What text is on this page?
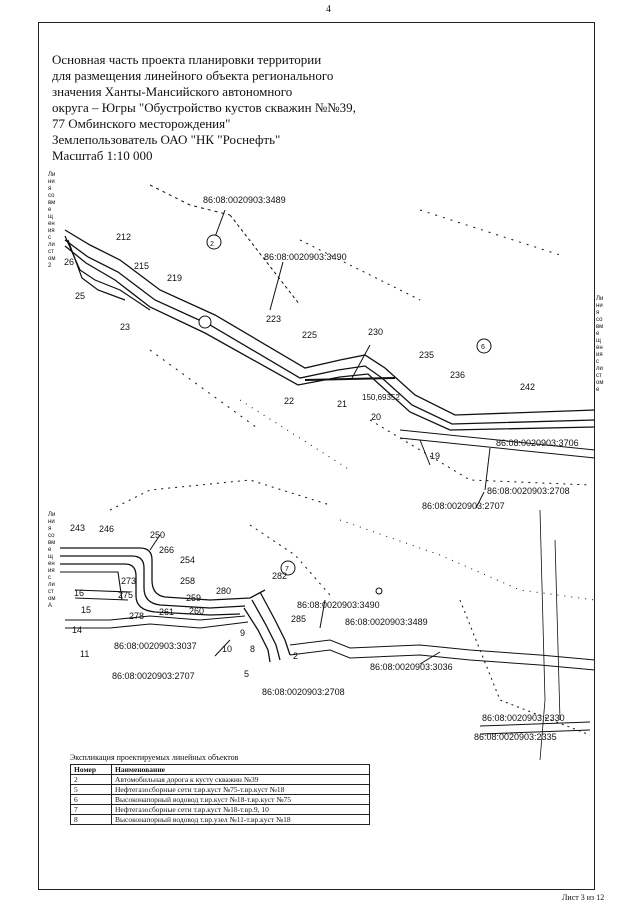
4
Основная часть проекта планировки территории
для размещения линейного объекта регионального
значения Ханты-Мансийского автономного
округа – Югры "Обустройство кустов скважин №№39,
77 Омбинского месторождения"
Землепользователь ОАО "НК "Роснефть"
Масштаб 1:10 000
Ли
ни
я
со
вм
е
щ
ен
ия
с
ли
ст
ом
2
Ли
ни
я
со
вм
е
щ
ен
ия
с
ли
ст
ом
е
Ли
ни
я
со
вм
е
щ
ен
ия
с
ли
ст
ом
А
86:08:0020903:3489
86:08:0020903:3490
86:08:0020903:3706
86:08:0020903:2708
86:08:0020903:2707
212
215
219
26
25
23
223
225	230
235
236
242
22	21
20
19
2
6
150,69352
86:08:0020903:3490
86:08:0020903:3489
86:08:0020903:3037
86:08:0020903:2707
86:08:0020903:2708
86:08:0020903:3036
86:08:0020903:2330
86:08:0020903:2335
243 246
250
266
254
273	258
16
15
275
278 261 260
259
280
14
11	10
9
8
5
282
285
2
7
Экспликация проектируемых линейных объектов
Номер	Наименование
2	Автомобильная дорога к кусту скважин №39
5	Нефтегазосборные сети т.вр.куст №75-т.вр.куст №18
6	Высоконапорный водовод т.вр.куст №18-т.вр.куст №75
7	Нефтегазосборные сети т.вр.куст №18-т.вр.9, 10
8	Высоконапорный водовод т.вр.узел №11-т.вр.куст №18
Лист 3 из 12
